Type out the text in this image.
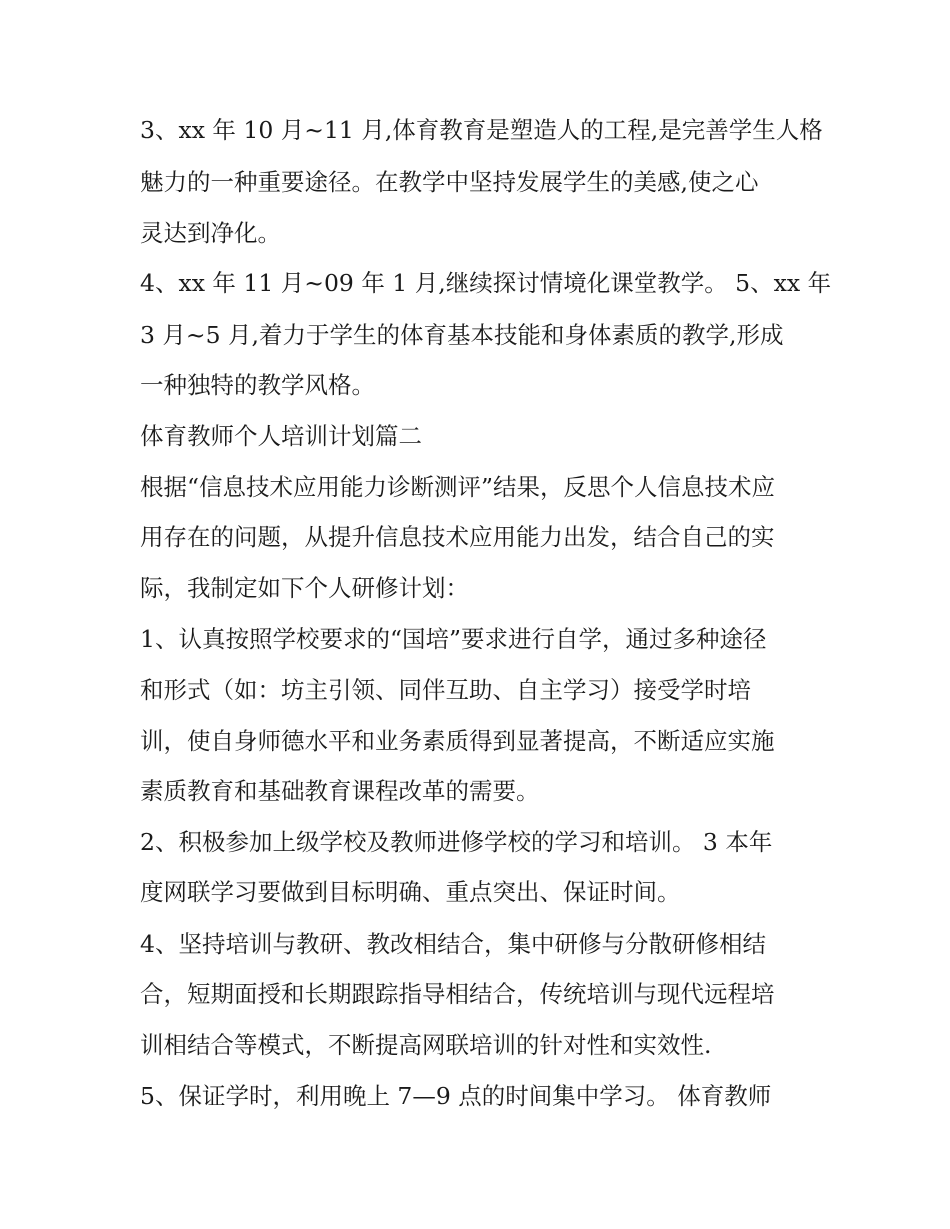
3、xx 年 10 月~11 月,体育教育是塑造人的工程,是完善学生人格
魅力的一种重要途径。在教学中坚持发展学生的美感,使之心
灵达到净化。
4、xx 年 11 月~09 年 1 月,继续探讨情境化课堂教学。 5、xx 年
3 月~5 月,着力于学生的体育基本技能和身体素质的教学,形成
一种独特的教学风格。
体育教师个人培训计划篇二
根据“信息技术应用能力诊断测评”结果，反思个人信息技术应
用存在的问题，从提升信息技术应用能力出发，结合自己的实
际，我制定如下个人研修计划：
1、认真按照学校要求的“国培”要求进行自学，通过多种途径
和形式（如：坊主引领、同伴互助、自主学习）接受学时培
训，使自身师德水平和业务素质得到显著提高，不断适应实施
素质教育和基础教育课程改革的需要。
2、积极参加上级学校及教师进修学校的学习和培训。 3 本年
度网联学习要做到目标明确、重点突出、保证时间。
4、坚持培训与教研、教改相结合，集中研修与分散研修相结
合，短期面授和长期跟踪指导相结合，传统培训与现代远程培
训相结合等模式，不断提高网联培训的针对性和实效性.
5、保证学时，利用晚上 7—9 点的时间集中学习。 体育教师
